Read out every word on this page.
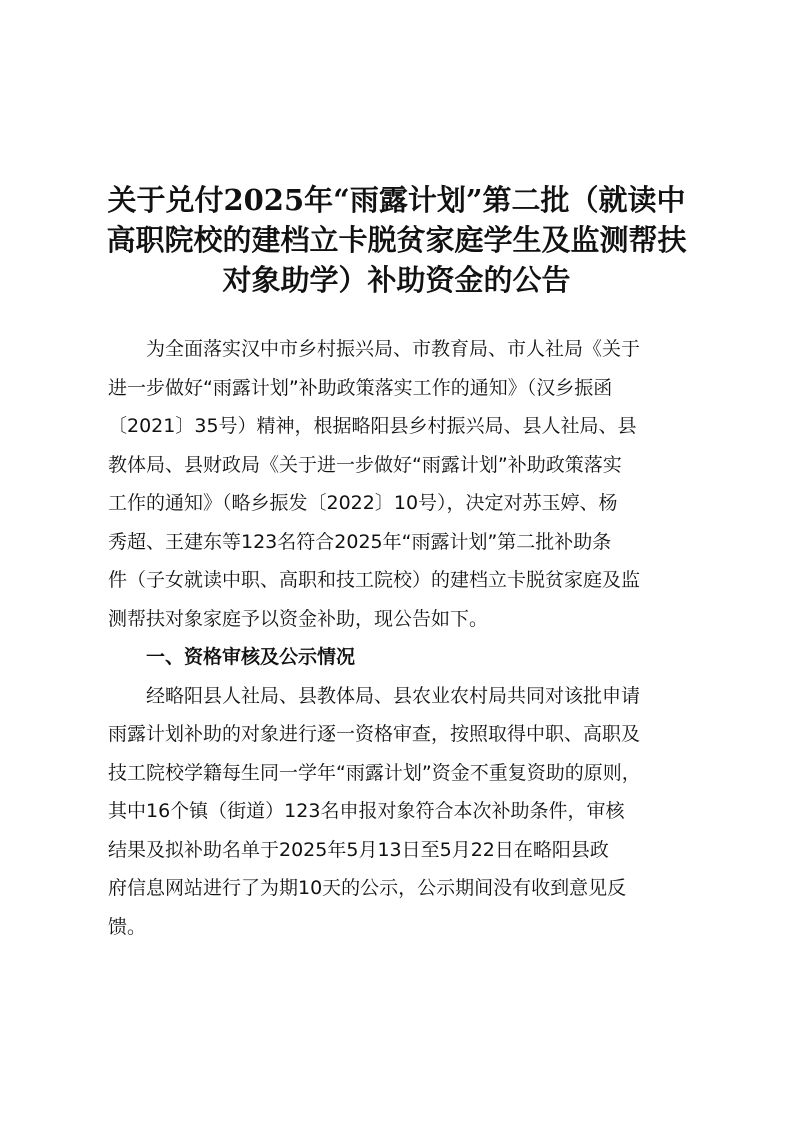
关于兑付2025年“雨露计划”第二批（就读中
高职院校的建档立卡脱贫家庭学生及监测帮扶
对象助学）补助资金的公告
为全面落实汉中市乡村振兴局、市教育局、市人社局《关于
进一步做好“雨露计划”补助政策落实工作的通知》（汉乡振函
〔2021〕35号）精神，根据略阳县乡村振兴局、县人社局、县
教体局、县财政局《关于进一步做好“雨露计划”补助政策落实
工作的通知》（略乡振发〔2022〕10号），决定对苏玉婷、杨
秀超、王建东等123名符合2025年“雨露计划”第二批补助条
件（子女就读中职、高职和技工院校）的建档立卡脱贫家庭及监
测帮扶对象家庭予以资金补助，现公告如下。
一、资格审核及公示情况
经略阳县人社局、县教体局、县农业农村局共同对该批申请
雨露计划补助的对象进行逐一资格审查，按照取得中职、高职及
技工院校学籍每生同一学年“雨露计划”资金不重复资助的原则，
其中16个镇（街道）123名申报对象符合本次补助条件，审核
结果及拟补助名单于2025年5月13日至5月22日在略阳县政
府信息网站进行了为期10天的公示，公示期间没有收到意见反
馈。
